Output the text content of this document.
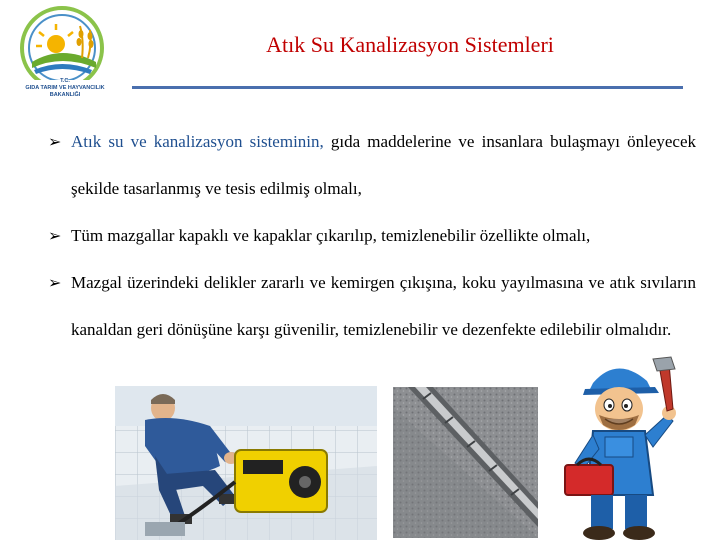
T.C.
GIDA TARIM VE HAYVANCILIK
BAKANLIĞI
Atık Su Kanalizasyon Sistemleri
➢ Atık su ve kanalizasyon sisteminin, gıda maddelerine ve insanlara bulaşmayı önleyecek şekilde tasarlanmış ve tesis edilmiş olmalı,
➢ Tüm mazgallar kapaklı ve kapaklar çıkarılıp, temizlenebilir özellikte olmalı,
➢ Mazgal üzerindeki delikler zararlı ve kemirgen çıkışına, koku yayılmasına ve atık sıvıların kanaldan geri dönüşüne karşı güvenilir, temizlenebilir ve dezenfekte edilebilir olmalıdır.
